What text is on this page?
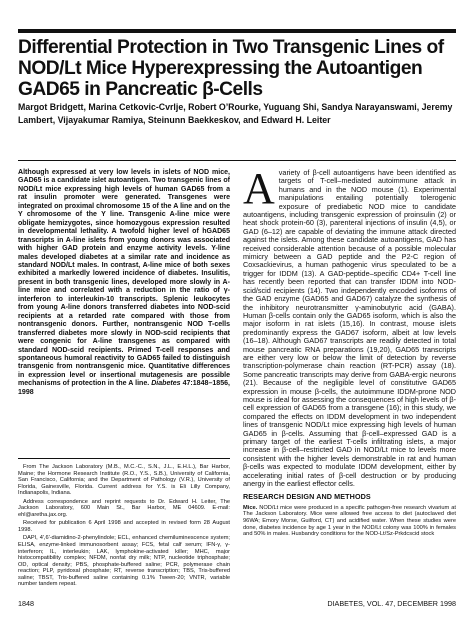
Differential Protection in Two Transgenic Lines of NOD/Lt Mice Hyperexpressing the Autoantigen GAD65 in Pancreatic β-Cells
Margot Bridgett, Marina Cetkovic-Cvrlje, Robert O’Rourke, Yuguang Shi, Sandya Narayanswami, Jeremy Lambert, Vijayakumar Ramiya, Steinunn Baekkeskov, and Edward H. Leiter
Although expressed at very low levels in islets of NOD mice, GAD65 is a candidate islet autoantigen. Two transgenic lines of NOD/Lt mice expressing high levels of human GAD65 from a rat insulin promoter were generated. Transgenes were integrated on proximal chromosome 15 of the A line and on the Y chromosome of the Y line. Transgenic A-line mice were obligate hemizygotes, since homozygous expression resulted in developmental lethality. A twofold higher level of hGAD65 transcripts in A-line islets from young donors was associated with higher GAD protein and enzyme activity levels. Y-line males developed diabetes at a similar rate and incidence as standard NOD/Lt males. In contrast, A-line mice of both sexes exhibited a markedly lowered incidence of diabetes. Insulitis, present in both transgenic lines, developed more slowly in A-line mice and correlated with a reduction in the ratio of γ-interferon to interleukin-10 transcripts. Splenic leukocytes from young A-line donors transferred diabetes into NOD-scid recipients at a retarded rate compared with those from nontransgenic donors. Further, nontransgenic NOD T-cells transferred diabetes more slowly in NOD-scid recipients that were congenic for A-line transgenes as compared with standard NOD-scid recipients. Primed T-cell responses and spontaneous humoral reactivity to GAD65 failed to distinguish transgenic from nontransgenic mice. Quantitative differences in expression level or insertional mutagenesis are possible mechanisms of protection in the A line. Diabetes 47:1848–1856, 1998

From The Jackson Laboratory (M.B., M.C.-C., S.N., J.L., E.H.L.), Bar Harbor, Maine; the Hormone Research Institute (R.O., Y.S., S.B.), University of California, San Francisco, California; and the Department of Pathology (V.R.), University of Florida, Gainesville, Florida. Current address for Y.S. is Eli Lilly Company, Indianapolis, Indiana.

Address correspondence and reprint requests to Dr. Edward H. Leiter, The Jackson Laboratory, 600 Main St., Bar Harbor, ME 04609. E-mail: ehl@aretha.jax.org.

Received for publication 6 April 1998 and accepted in revised form 28 August 1998.

DAPI, 4′,6′-diamidino-2-phenylindole; ECL, enhanced chemiluminescence system; ELISA, enzyme-linked immunosorbent assay; FCS, fetal calf serum; IFN-γ, γ-interferon; IL, interleukin; LAK, lymphokine-activated killer; MHC, major histocompatibility complex; NFDM, nonfat dry milk; NTP, nucleotide triphosphate; OD, optical density; PBS, phosphate-buffered saline; PCR, polymerase chain reaction; PLP, pyridoxal phosphate; RT, reverse transcription; TBS, Tris-buffered saline; TBST, Tris-buffered saline containing 0.1% Tween-20; VNTR, variable number tandem repeat.

A variety of β-cell autoantigens have been identified as targets of T-cell–mediated autoimmune attack in humans and in the NOD mouse (1). Experimental manipulations entailing potentially tolerogenic exposure of prediabetic NOD mice to candidate autoantigens, including transgenic expression of proinsulin (2) or heat shock protein-60 (3), parenteral injections of insulin (4,5), or GAD (6–12) are capable of deviating the immune attack directed against the islets. Among these candidate autoantigens, GAD has received considerable attention because of a possible molecular mimicry between a GAD peptide and the P2-C region of Coxsackievirus, a human pathogenic virus speculated to be a trigger for IDDM (13). A GAD-peptide–specific CD4+ T-cell line has recently been reported that can transfer IDDM into NOD-scid/scid recipients (14). Two independently encoded isoforms of the GAD enzyme (GAD65 and GAD67) catalyze the synthesis of the inhibitory neurotransmitter γ-aminobutyric acid (GABA). Human β-cells contain only the GAD65 isoform, which is also the major isoform in rat islets (15,16). In contrast, mouse islets predominantly express the GAD67 isoform, albeit at low levels (16–18). Although GAD67 transcripts are readily detected in total mouse pancreatic RNA preparations (19,20), GAD65 transcripts are either very low or below the limit of detection by reverse transcription-polymerase chain reaction (RT-PCR) assay (18). Some pancreatic transcripts may derive from GABA-ergic neurons (21). Because of the negligible level of constitutive GAD65 expression in mouse β-cells, the autoimmune IDDM-prone NOD mouse is ideal for assessing the consequences of high levels of β-cell expression of GAD65 from a transgene (16); in this study, we compared the effects on IDDM development in two independent lines of transgenic NOD/Lt mice expressing high levels of human GAD65 in β-cells. Assuming that β-cell–expressed GAD is a primary target of the earliest T-cells infiltrating islets, a major increase in β-cell–restricted GAD in NOD/Lt mice to levels more consistent with the higher levels demonstrable in rat and human β-cells was expected to modulate IDDM development, either by accelerating initial rates of β-cell destruction or by producing anergy in the earliest effector cells.

RESEARCH DESIGN AND METHODS

Mice. NOD/Lt mice were produced in a specific pathogen-free research vivarium at The Jackson Laboratory. Mice were allowed free access to diet (autoclaved diet 96WA; Emory Morse, Guilford, CT) and acidified water. When these studies were done, diabetes incidence by age 1 year in the NOD/Lt colony was 100% in females and 50% in males. Husbandry conditions for the NOD-Lt/Sz-Prkdcscid stock

1848	DIABETES, VOL. 47, DECEMBER 1998
